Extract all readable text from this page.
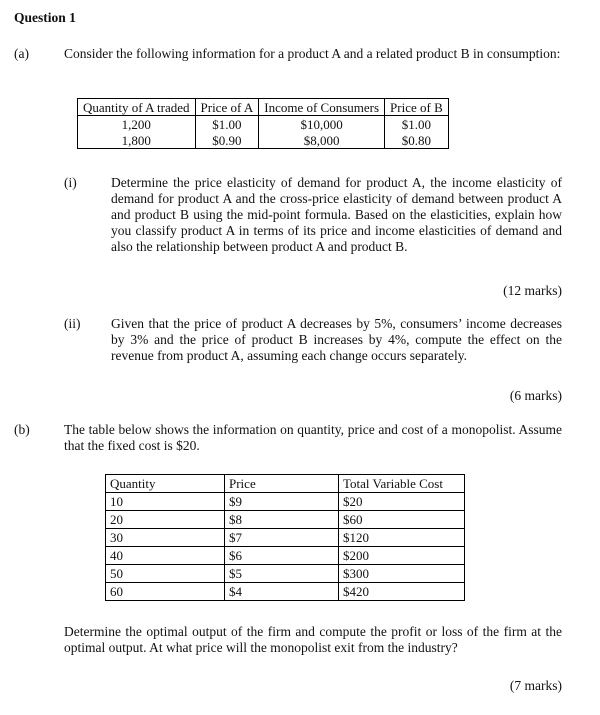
Question 1
(a)	Consider the following information for a product A and a related product B in consumption:
Quantity of A traded	Price of A	Income of Consumers	Price of B
1,200	$1.00	$10,000	$1.00
1,800	$0.90	$8,000	$0.80
(i)	Determine the price elasticity of demand for product A, the income elasticity of demand for product A and the cross-price elasticity of demand between product A and product B using the mid-point formula. Based on the elasticities, explain how you classify product A in terms of its price and income elasticities of demand and also the relationship between product A and product B.
(12 marks)
(ii) Given that the price of product A decreases by 5%, consumers’ income decreases by 3% and the price of product B increases by 4%, compute the effect on the revenue from product A, assuming each change occurs separately.
(6 marks)
(b)	The table below shows the information on quantity, price and cost of a monopolist. Assume that the fixed cost is $20.
Quantity	Price	Total Variable Cost
10	$9	$20
20	$8	$60
30	$7	$120
40	$6	$200
50	$5	$300
60	$4	$420
Determine the optimal output of the firm and compute the profit or loss of the firm at the optimal output. At what price will the monopolist exit from the industry?
(7 marks)
